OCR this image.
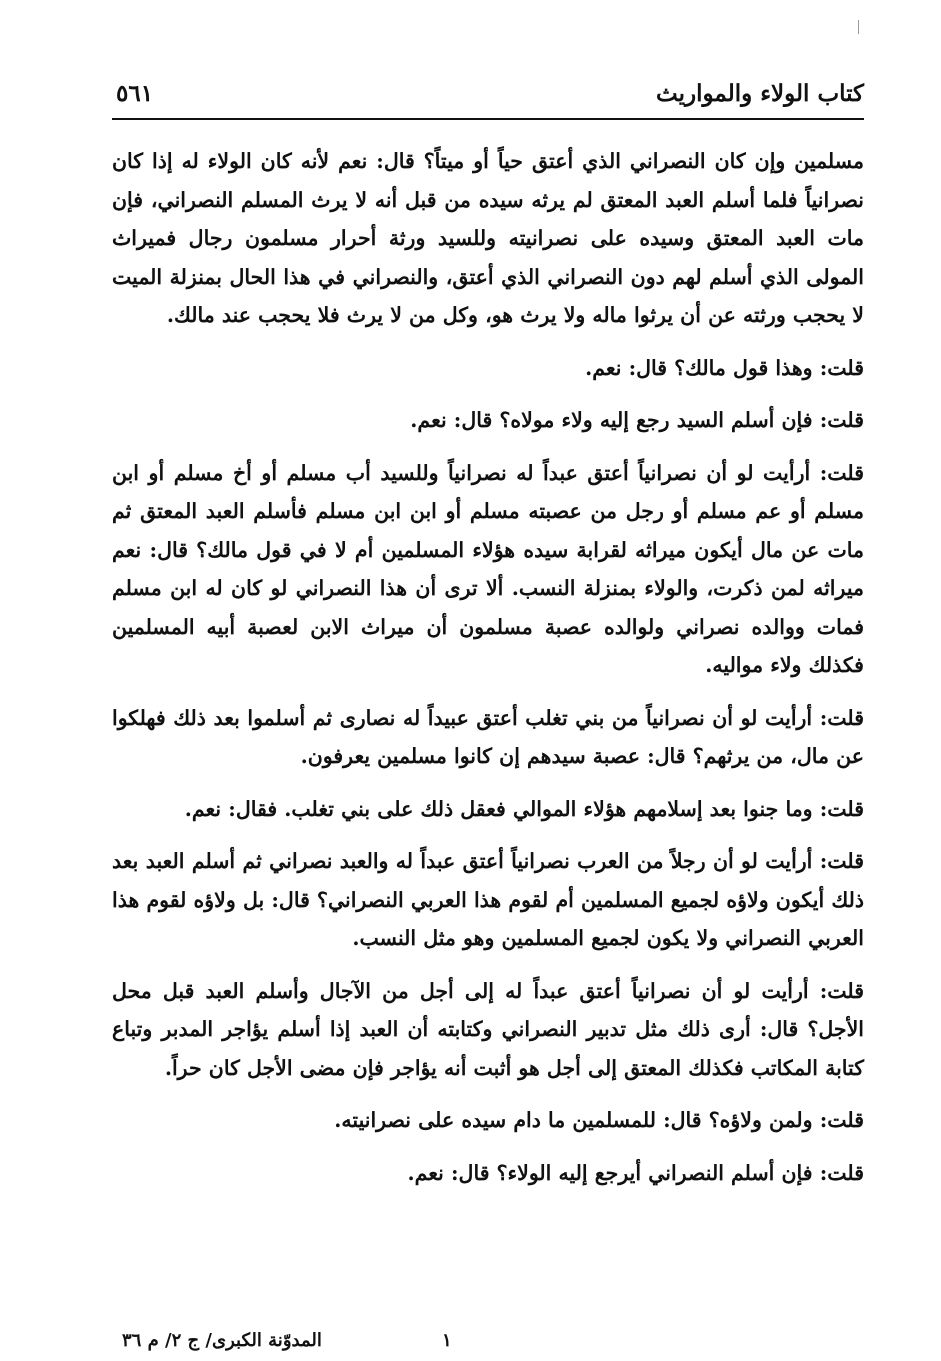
كتاب الولاء والمواريث
٥٦١

مسلمين وإن كان النصراني الذي أعتق حياً أو ميتاً؟ قال: نعم لأنه كان الولاء له إذا كان نصرانياً فلما أسلم العبد المعتق لم يرثه سيده من قبل أنه لا يرث المسلم النصراني، فإن مات العبد المعتق وسيده على نصرانيته وللسيد ورثة أحرار مسلمون رجال فميراث المولى الذي أسلم لهم دون النصراني الذي أعتق، والنصراني في هذا الحال بمنزلة الميت لا يحجب ورثته عن أن يرثوا ماله ولا يرث هو، وكل من لا يرث فلا يحجب عند مالك.

قلت: وهذا قول مالك؟ قال: نعم.

قلت: فإن أسلم السيد رجع إليه ولاء مولاه؟ قال: نعم.

قلت: أرأيت لو أن نصرانياً أعتق عبداً له نصرانياً وللسيد أب مسلم أو أخ مسلم أو ابن مسلم أو عم مسلم أو رجل من عصبته مسلم أو ابن ابن مسلم فأسلم العبد المعتق ثم مات عن مال أيكون ميراثه لقرابة سيده هؤلاء المسلمين أم لا في قول مالك؟ قال: نعم ميراثه لمن ذكرت، والولاء بمنزلة النسب. ألا ترى أن هذا النصراني لو كان له ابن مسلم فمات ووالده نصراني ولوالده عصبة مسلمون أن ميراث الابن لعصبة أبيه المسلمين فكذلك ولاء مواليه.

قلت: أرأيت لو أن نصرانياً من بني تغلب أعتق عبيداً له نصارى ثم أسلموا بعد ذلك فهلكوا عن مال، من يرثهم؟ قال: عصبة سيدهم إن كانوا مسلمين يعرفون.

قلت: وما جنوا بعد إسلامهم هؤلاء الموالي فعقل ذلك على بني تغلب. فقال: نعم.

قلت: أرأيت لو أن رجلاً من العرب نصرانياً أعتق عبداً له والعبد نصراني ثم أسلم العبد بعد ذلك أيكون ولاؤه لجميع المسلمين أم لقوم هذا العربي النصراني؟ قال: بل ولاؤه لقوم هذا العربي النصراني ولا يكون لجميع المسلمين وهو مثل النسب.

قلت: أرأيت لو أن نصرانياً أعتق عبداً له إلى أجل من الآجال وأسلم العبد قبل محل الأجل؟ قال: أرى ذلك مثل تدبير النصراني وكتابته أن العبد إذا أسلم يؤاجر المدبر وتباع كتابة المكاتب فكذلك المعتق إلى أجل هو أثبت أنه يؤاجر فإن مضى الأجل كان حراً.

قلت: ولمن ولاؤه؟ قال: للمسلمين ما دام سيده على نصرانيته.

قلت: فإن أسلم النصراني أيرجع إليه الولاء؟ قال: نعم.

١
المدوّنة الكبرى/ ج ٢/ م ٣٦
